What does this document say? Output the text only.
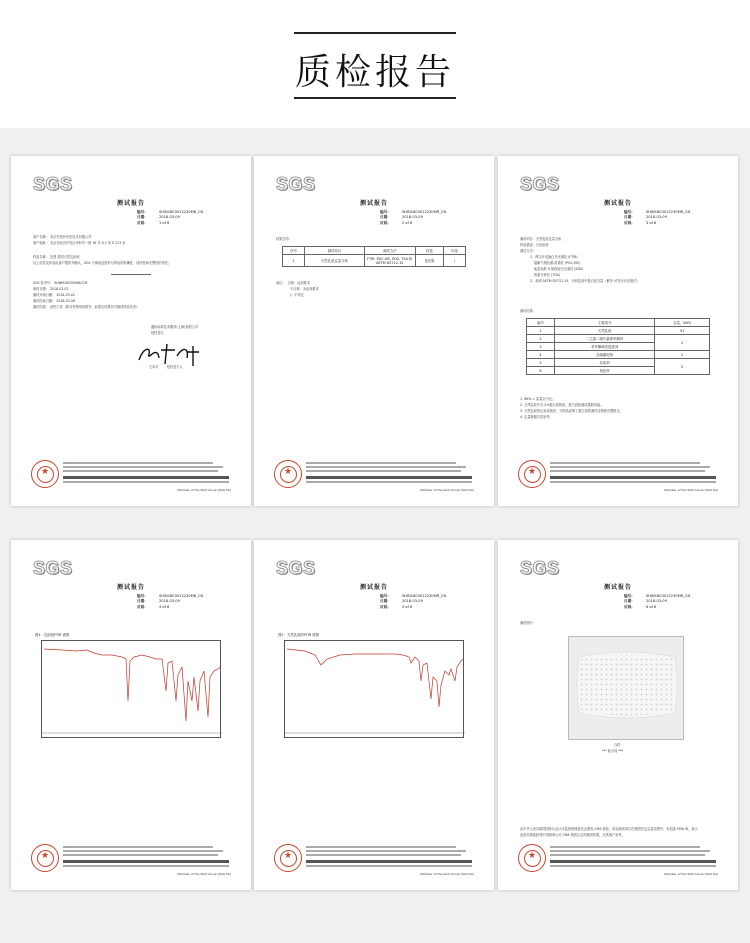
质检报告
SGS
测试报告
编号：	SHIN1803012230MR_CN
日期：	2018-03-09
页码：	1 of 6
客户名称： 北京安美伊安医技术有限公司
客户地址： 北京市经济开发区环科中一街 18 号 6 C 所 E 213 室
样品名称： 宏建 泰国天然乳胶枕
以上信息及样品由客户提供并确认，SGS 不承担此资料与样品的准确性、适用性和完整性的责任。
SGS 参考号： SHNM18030096CCM
收样日期： 2018-03-02
测试开始日期： 2018-03-02
测试结束日期： 2018-03-08
测试结果： 请见下页（除另有特别说明外，此报告结果仅对测试样品负责）
通标标准技术服务(上海)有限公司
授权签名
王凤平	授权签字人
★
Member of the SGS Group (SGS SA)
SGS
测试报告
编号：	SHIN1803012230MR_CN
日期：	2018-03-09
页码：	2 of 6
结果总结：
序号	测试项目	测试方法	结论	结论
1	天然乳胶定量分析	FTIR, PGC-MS, EDX, TSA 和 ASTM D5712-15	见结果	/
备注： 合格：达到要求
不合格：未达到要求
/：不判定
★
Member of the SGS Group (SGS SA)
SGS
测试报告
编号：	SHIN1803012230MR_CN
日期：	2018-03-09
页码：	3 of 6
测试项目：天然乳胶定量分析
样品描述：白色胶枕
测试方法：
1、傅立叶变换红外光谱仪 (FTIR)
裂解气相色谱-质谱仪 (PGC-MS)
能量色散 X 射线荧光光谱仪 (EDX)
热重分析仪 (TGA)
2、参照 ASTM D5712-15，分析乳胶中蛋白质含量（紫外-可见分光光度法）
测试结果：
编号	主要成分	含量，Wt%
1	天然乳胶	91
2	二乙基二硫代氨基甲酸锌	2
3	苯并噻唑类促进剂	
4	含硫碳化物	2
5	抗氧剂	5
6	氧化锌	
1. Wt% = 质量百分比。
2. 天然乳胶中含 2%蛋白质物质，蛋白质检测成果数均值。
3. 天然乳胶常记录或测试，分样品说明了蛋白质的测试过程和完整报告。
4. 定量数据仅供参考。
★
Member of the SGS Group (SGS SA)
SGS
测试报告
编号：	SHIN1803012230MR_CN
日期：	2018-03-09
页码：	4 of 6
图1：乳胶枕FTIR 谱图
★
Member of the SGS Group (SGS SA)
SGS
测试报告
编号：	SHIN1803012230MR_CN
日期：	2018-03-09
页码：	5 of 6
图2：天然乳胶的FTIR 谱图
★
Member of the SGS Group (SGS SA)
SGS
测试报告
编号：	SHIN1803012230MR_CN
日期：	2018-03-09
页码：	6 of 6
测试照片：
白样
*** 胶合同 ***
由中华人民共和国国家认证认可监督管理委员会颁发 CMA 资质，其余测试项目在我国法定定量范围外，未加盖 CMA 章，表示
此类结果能获得中国国家认可 CMA 资质认定的测试结果，仅供客户参考。
★
Member of the SGS Group (SGS SA)
